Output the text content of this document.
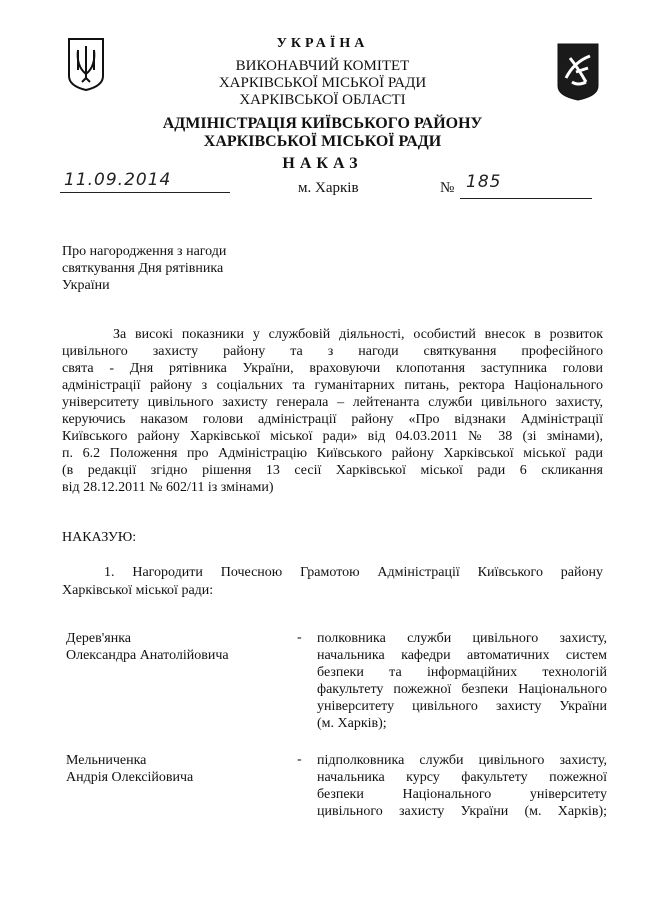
УКРАЇНА
ВИКОНАВЧИЙ КОМІТЕТ
ХАРКІВСЬКОЇ МІСЬКОЇ РАДИ
ХАРКІВСЬКОЇ ОБЛАСТІ
АДМІНІСТРАЦІЯ КИЇВСЬКОГО РАЙОНУ
ХАРКІВСЬКОЇ МІСЬКОЇ РАДИ
НАКАЗ
11.09.2014	м. Харків	№ 185
Про нагородження з нагоди
святкування Дня рятівника
України
За високі показники у службовій діяльності, особистий внесок в розвиток
цивільного захисту району та з нагоди святкування професійного
свята - Дня рятівника України, враховуючи клопотання заступника голови
адміністрації району з соціальних та гуманітарних питань, ректора Національного
університету цивільного захисту генерала – лейтенанта служби цивільного захисту,
керуючись наказом голови адміністрації району «Про відзнаки Адміністрації
Київського району Харківської міської ради» від 04.03.2011 № 38 (зі змінами),
п. 6.2 Положення про Адміністрацію Київського району Харківської міської ради
(в редакції згідно рішення 13 сесії Харківської міської ради 6 скликання
від 28.12.2011 № 602/11 із змінами)
НАКАЗУЮ:
1. Нагородити Почесною Грамотою Адміністрації Київського району
Харківської міської ради:
Дерев'янка
Олександра Анатолійовича
-	полковника служби цивільного захисту,
начальника кафедри автоматичних систем
безпеки та інформаційних технологій
факультету пожежної безпеки Національного
університету цивільного захисту України
(м. Харків);
Мельниченка
Андрія Олексійовича
-	підполковника служби цивільного захисту,
начальника курсу факультету пожежної
безпеки Національного університету
цивільного захисту України (м. Харків);
